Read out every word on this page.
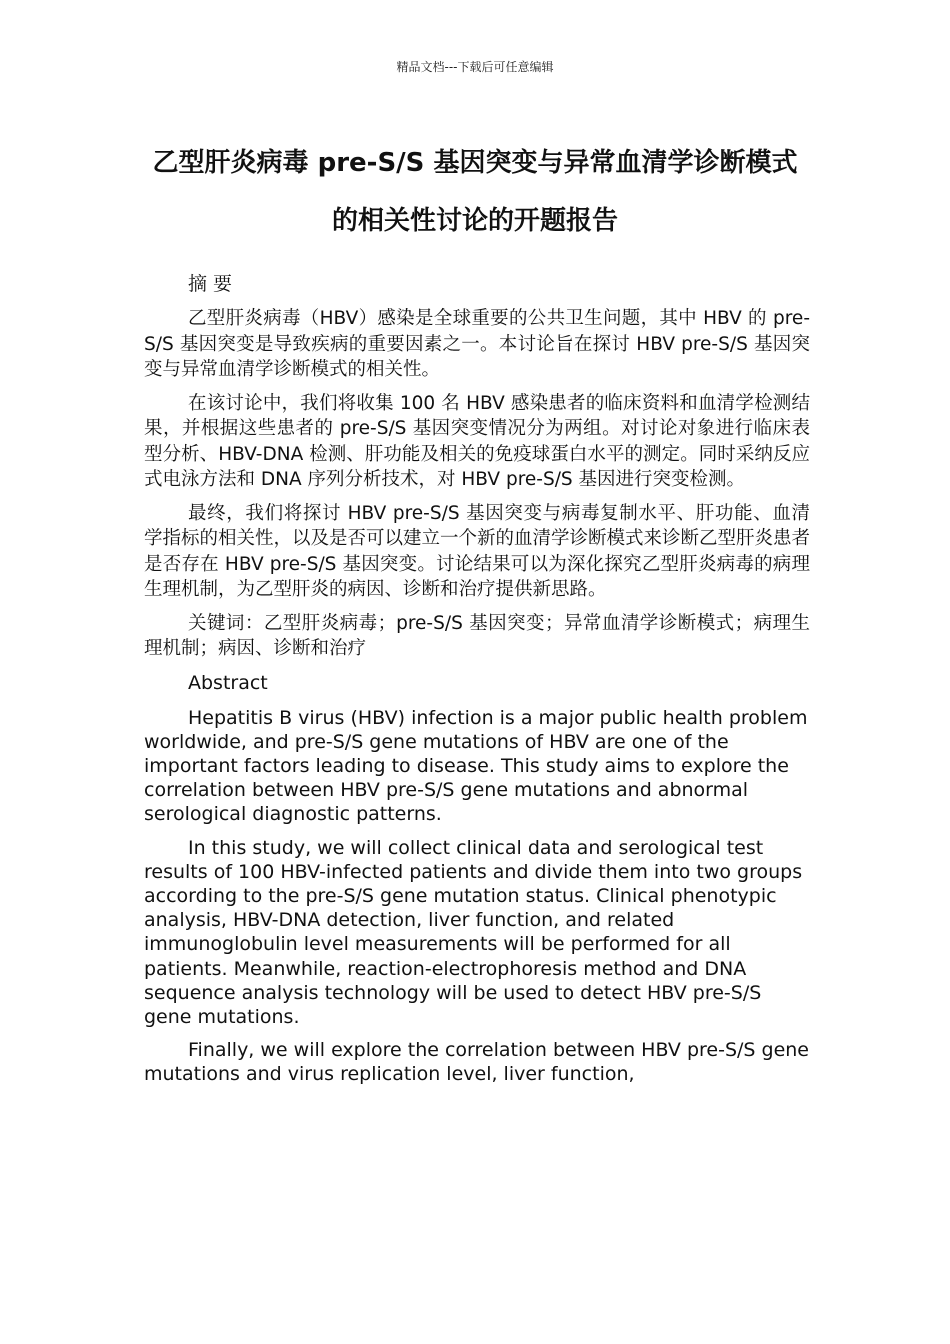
精品文档---下载后可任意编辑
乙型肝炎病毒 pre-S/S 基因突变与异常血清学诊断模式的相关性讨论的开题报告

摘 要

乙型肝炎病毒（HBV）感染是全球重要的公共卫生问题，其中 HBV 的 pre-S/S 基因突变是导致疾病的重要因素之一。本讨论旨在探讨 HBV pre-S/S 基因突变与异常血清学诊断模式的相关性。

在该讨论中，我们将收集 100 名 HBV 感染患者的临床资料和血清学检测结果，并根据这些患者的 pre-S/S 基因突变情况分为两组。对讨论对象进行临床表型分析、HBV-DNA 检测、肝功能及相关的免疫球蛋白水平的测定。同时采纳反应式电泳方法和 DNA 序列分析技术，对 HBV pre-S/S 基因进行突变检测。

最终，我们将探讨 HBV pre-S/S 基因突变与病毒复制水平、肝功能、血清学指标的相关性，以及是否可以建立一个新的血清学诊断模式来诊断乙型肝炎患者是否存在 HBV pre-S/S 基因突变。讨论结果可以为深化探究乙型肝炎病毒的病理生理机制，为乙型肝炎的病因、诊断和治疗提供新思路。

关键词：乙型肝炎病毒；pre-S/S 基因突变；异常血清学诊断模式；病理生理机制；病因、诊断和治疗

Abstract

Hepatitis B virus (HBV) infection is a major public health problem worldwide, and pre-S/S gene mutations of HBV are one of the important factors leading to disease. This study aims to explore the correlation between HBV pre-S/S gene mutations and abnormal serological diagnostic patterns.

In this study, we will collect clinical data and serological test results of 100 HBV-infected patients and divide them into two groups according to the pre-S/S gene mutation status. Clinical phenotypic analysis, HBV-DNA detection, liver function, and related immunoglobulin level measurements will be performed for all patients. Meanwhile, reaction-electrophoresis method and DNA sequence analysis technology will be used to detect HBV pre-S/S gene mutations.

Finally, we will explore the correlation between HBV pre-S/S gene mutations and virus replication level, liver function,
